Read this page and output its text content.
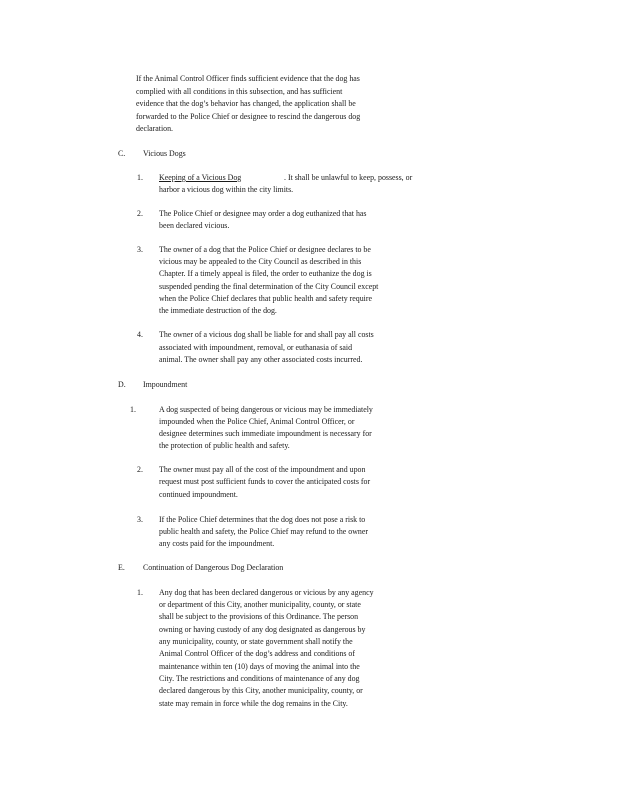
If the Animal Control Officer finds sufficient evidence that the dog has
complied with all conditions in this subsection, and has sufficient
evidence that the dog’s behavior has changed, the application shall be
forwarded to the Police Chief or designee to rescind the dangerous dog
declaration.
C. Vicious Dogs
1. Keeping of a Vicious Dog	. It shall be unlawful to keep, possess, or
harbor a vicious dog within the city limits.
2. The Police Chief or designee may order a dog euthanized that has
been declared vicious.
3. The owner of a dog that the Police Chief or designee declares to be
vicious may be appealed to the City Council as described in this
Chapter. If a timely appeal is filed, the order to euthanize the dog is
suspended pending the final determination of the City Council except
when the Police Chief declares that public health and safety require
the immediate destruction of the dog.
4. The owner of a vicious dog shall be liable for and shall pay all costs
associated with impoundment, removal, or euthanasia of said
animal. The owner shall pay any other associated costs incurred.
D. Impoundment
1.	A dog suspected of being dangerous or vicious may be immediately
impounded when the Police Chief, Animal Control Officer, or
designee determines such immediate impoundment is necessary for
the protection of public health and safety.
2. The owner must pay all of the cost of the impoundment and upon
request must post sufficient funds to cover the anticipated costs for
continued impoundment.
3. If the Police Chief determines that the dog does not pose a risk to
public health and safety, the Police Chief may refund to the owner
any costs paid for the impoundment.
E. Continuation of Dangerous Dog Declaration
1. Any dog that has been declared dangerous or vicious by any agency
or department of this City, another municipality, county, or state
shall be subject to the provisions of this Ordinance. The person
owning or having custody of any dog designated as dangerous by
any municipality, county, or state government shall notify the
Animal Control Officer of the dog’s address and conditions of
maintenance within ten (10) days of moving the animal into the
City. The restrictions and conditions of maintenance of any dog
declared dangerous by this City, another municipality, county, or
state may remain in force while the dog remains in the City.
